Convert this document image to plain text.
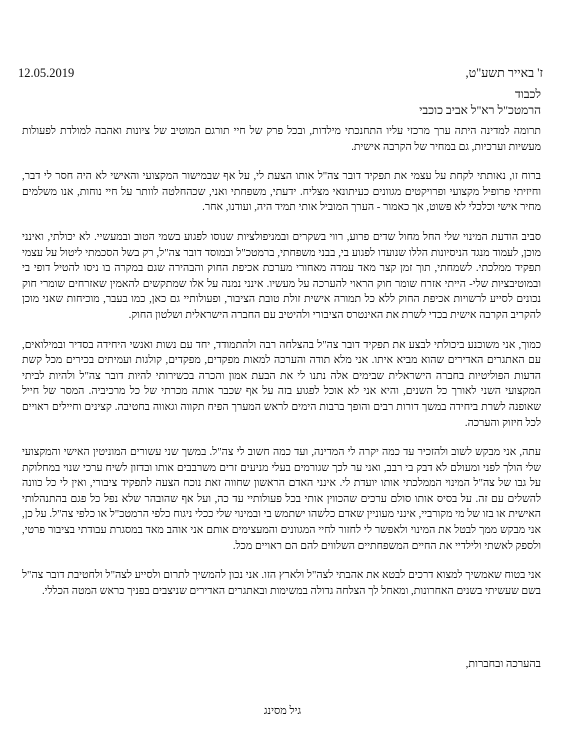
12.05.2019	ז' באייר תשע"ט,
לכבוד
הרמטכ"ל רא"ל אביב כוכבי

תרומה למדינה היתה ערך מרכזי עליו התחנכתי מילדות, ובכל פרק של חיי תורגם המוטיב של ציונות ואהבה למולדת לפעולות מעשיות וערכיות, גם במחיר של הקרבה אישית.

ברוח זו, נאותתי לקחת על עצמי את תפקיד דובר צה"ל אותו הצעת לי, על אף שבמישור המקצועי והאישי לא היה חסר לי דבר, וחיזיתי פרופיל מקצועי ופרויקטים מגוונים כעיתונאי מצליח. ידעתי, משפחתי ואני, שכהחלטה לוותר על חיי נוחות, אנו משלמים מחיר אישי וכלכלי לא פשוט, אך כאמור - הערך המוביל אותי תמיד היה, ועודנו, אחר.

סביב הודעת המינוי שלי החל מחול שדים פרוע, רווי בשקרים ובמניפולציות שנוסו לפגוע בשמי הטוב ובמעשיי. לא יכולתי, ואינני מוכן, לעמוד מנגד הניסיונות הללו שנועדו לפגוע בי, בבני משפחתי, ברמטכ"ל ובמוסד דובר צה"ל, רק בשל הסכמתי ליטול על עצמי תפקיד ממלכתי. לשמחתי, תוך זמן קצר מאד עמדה מאחורי מערכת אכיפת החוק והבהירה שגם במקרה בו ניסו להטיל דופי בי ובמוטיבציות שלי- הייתי אזרח שומר חוק הראוי להערכה על מעשיו. אינני נמנה על אלו שמתקשים להאמין שאזרחים שומרי חוק נכונים לסייע לרשויות אכיפת החוק ללא כל תמורה אישית זולת טובת הציבור, ופעולותיי גם כאן, כמו בעבר, מוכיחות שאני מוכן להקריב הקרבה אישית בכדי לשרת את האינטרס הציבורי ולהיטיב עם החברה הישראלית ושלטון החוק.

כמוך, אני משוכנע ביכולתי לבצע את תפקיד דובר צה"ל בהצלחה רבה ולהתמודד, יחד עם נשות ואנשי היחידה בסדיר ובמילואים, עם האתגרים האדירים שהוא מביא איתו. אני מלא תודה והערכה למאות מפקדים, מפקדים, קולגות ועמיתים בכירים מכל קשת הדעות הפוליטיות בחברה הישראלית שבימים אלה נתנו לי את הבעת אמון והכרה בכשירותי להיות דובר צה"ל ולהיות לביתי המקצועי השני לאורך כל השנים, והיא אני לא אוכל לפגוע בזה על אף שכבר אותה מכרתי של כל מרכיביה. המסר של חייל שאופנה לשרת ביחידה במשך דורות רבים והופך ברבות הימים לראש המערך הפיח תקווה וגאווה בחטיבה. קצינים וחיילים ראויים לכל חיזוק והערכה.

עתה, אני מבקש לשוב ולהזכיר עד כמה יקרה לי המדינה, ועד כמה חשוב לי צה"ל. במשך שני עשורים המוניטין האישי והמקצועי שלי הולך לפני ומעולם לא דבק בי רבב, ואני ער לכך שגורמים בעלי מניעים זרים משרבבים אותו ובדזון לשיח ערכי שנוי במחלוקת על גבו של צה"ל המינוי הממלכתי אותו יועדת לי. אינני האדם הראשון שחווה זאת נוכח הצעה לתפקיד ציבורי, ואין לי כל כוונה להשלים עם זה. על בסיס אותו סולם ערכים שהכווין אותי בכל פעולותיי עד כה, ועל אף שהובהר שלא נפל כל פגם בהתנהלותי האישית או בזו של מי מקורביי, אינני מעוניין שאדם כלשהו ישתמש בי ובמינוי שלי ככלי ניגוח כלפי הרמטכ"ל או כלפי צה"ל. על כן, אני מבקש ממך לבטל את המינוי ולאפשר לי לחזור לחיי המגוונים והמעצימים אותם אני אוהב מאד במסגרת עבודתי בציבור פרטי, ולספק לאשתי ולילדיי את החיים המשפחתיים השלווים להם הם ראויים מכל.

אני בטוח שאמשיך למצוא דרכים לבטא את אהבתי לצה"ל ולארץ הזו. אני נכון להמשיך לתרום ולסייע לצה"ל ולחטיבת דובר צה"ל בשם שעשיתי בשנים האחרונות, ומאחל לך הצלחה גדולה במשימות ובאתגרים האדירים שניצבים בפניך כראש המטה הכללי.

בהערכה ובחברות,
גיל מסינג
